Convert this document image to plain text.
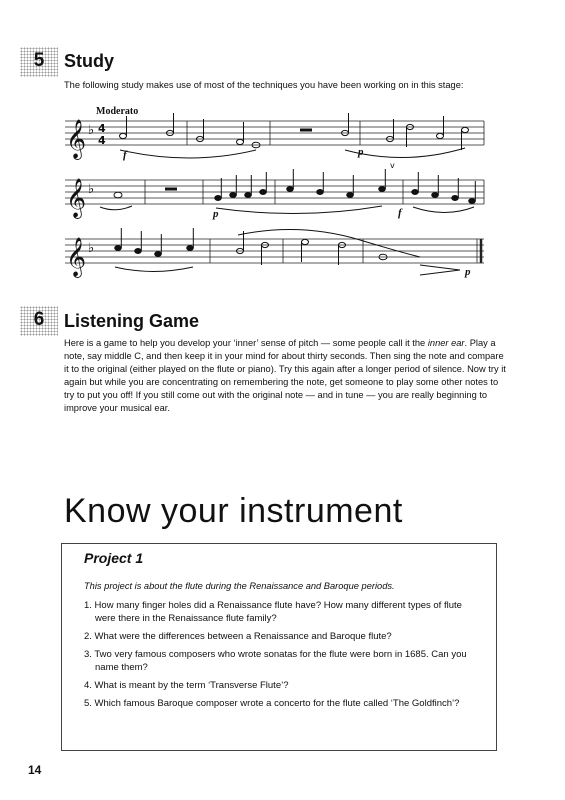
5	Study
The following study makes use of most of the techniques you have been working on in this stage:
Moderato
𝄞
𝄞
𝄞
♭
♭
♭
4
4
v
f	p
p	f
p
6	Listening Game
Here is a game to help you develop your ‘inner’ sense of pitch — some people call it the inner ear. Play a note, say middle C, and then keep it in your mind for about thirty seconds. Then sing the note and compare it to the original (either played on the flute or piano). Try this again after a longer period of silence. Now try it again but while you are concentrating on remembering the note, get someone to play some other notes to try to put you off! If you still come out with the original note — and in tune — you are really beginning to improve your musical ear.
Know your instrument
Project 1
This project is about the flute during the Renaissance and Baroque periods.
1. How many finger holes did a Renaissance flute have? How many different types of flute were there in the Renaissance flute family?
2. What were the differences between a Renaissance and Baroque flute?
3. Two very famous composers who wrote sonatas for the flute were born in 1685. Can you name them?
4. What is meant by the term ‘Transverse Flute’?
5. Which famous Baroque composer wrote a concerto for the flute called ‘The Goldfinch’?
14
